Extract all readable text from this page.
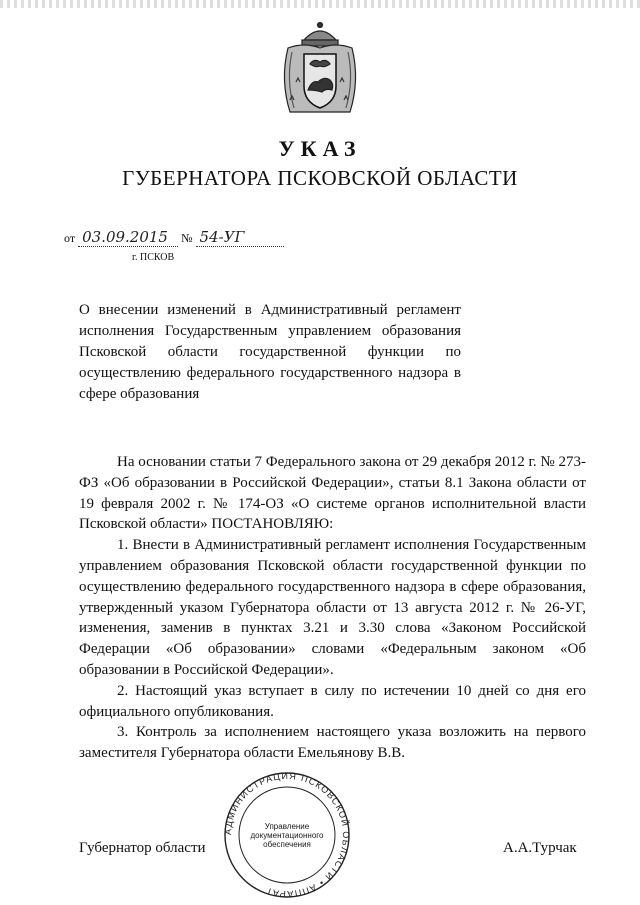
УКАЗ
ГУБЕРНАТОРА ПСКОВСКОЙ ОБЛАСТИ
от 03.09.2015 № 54-УГ
г. ПСКОВ
О внесении изменений в Административный регламент исполнения Государственным управлением образования Псковской области государственной функции по осуществлению федерального государственного надзора в сфере образования

На основании статьи 7 Федерального закона от 29 декабря 2012 г. № 273-ФЗ «Об образовании в Российской Федерации», статьи 8.1 Закона области от 19 февраля 2002 г. № 174-ОЗ «О системе органов исполнительной власти Псковской области» ПОСТАНОВЛЯЮ:

1. Внести в Административный регламент исполнения Государственным управлением образования Псковской области государственной функции по осуществлению федерального государственного надзора в сфере образования, утвержденный указом Губернатора области от 13 августа 2012 г. № 26-УГ, изменения, заменив в пунктах 3.21 и 3.30 слова «Законом Российской Федерации «Об образовании» словами «Федеральным законом «Об образовании в Российской Федерации».

2. Настоящий указ вступает в силу по истечении 10 дней со дня его официального опубликования.

3. Контроль за исполнением настоящего указа возложить на первого заместителя Губернатора области Емельянову В.В.

Губернатор области	А.А.Турчак
АДМИНИСТРАЦИЯ ПСКОВСКОЙ ОБЛАСТИ • АППАРАТ
Управление
документационного
обеспечения
